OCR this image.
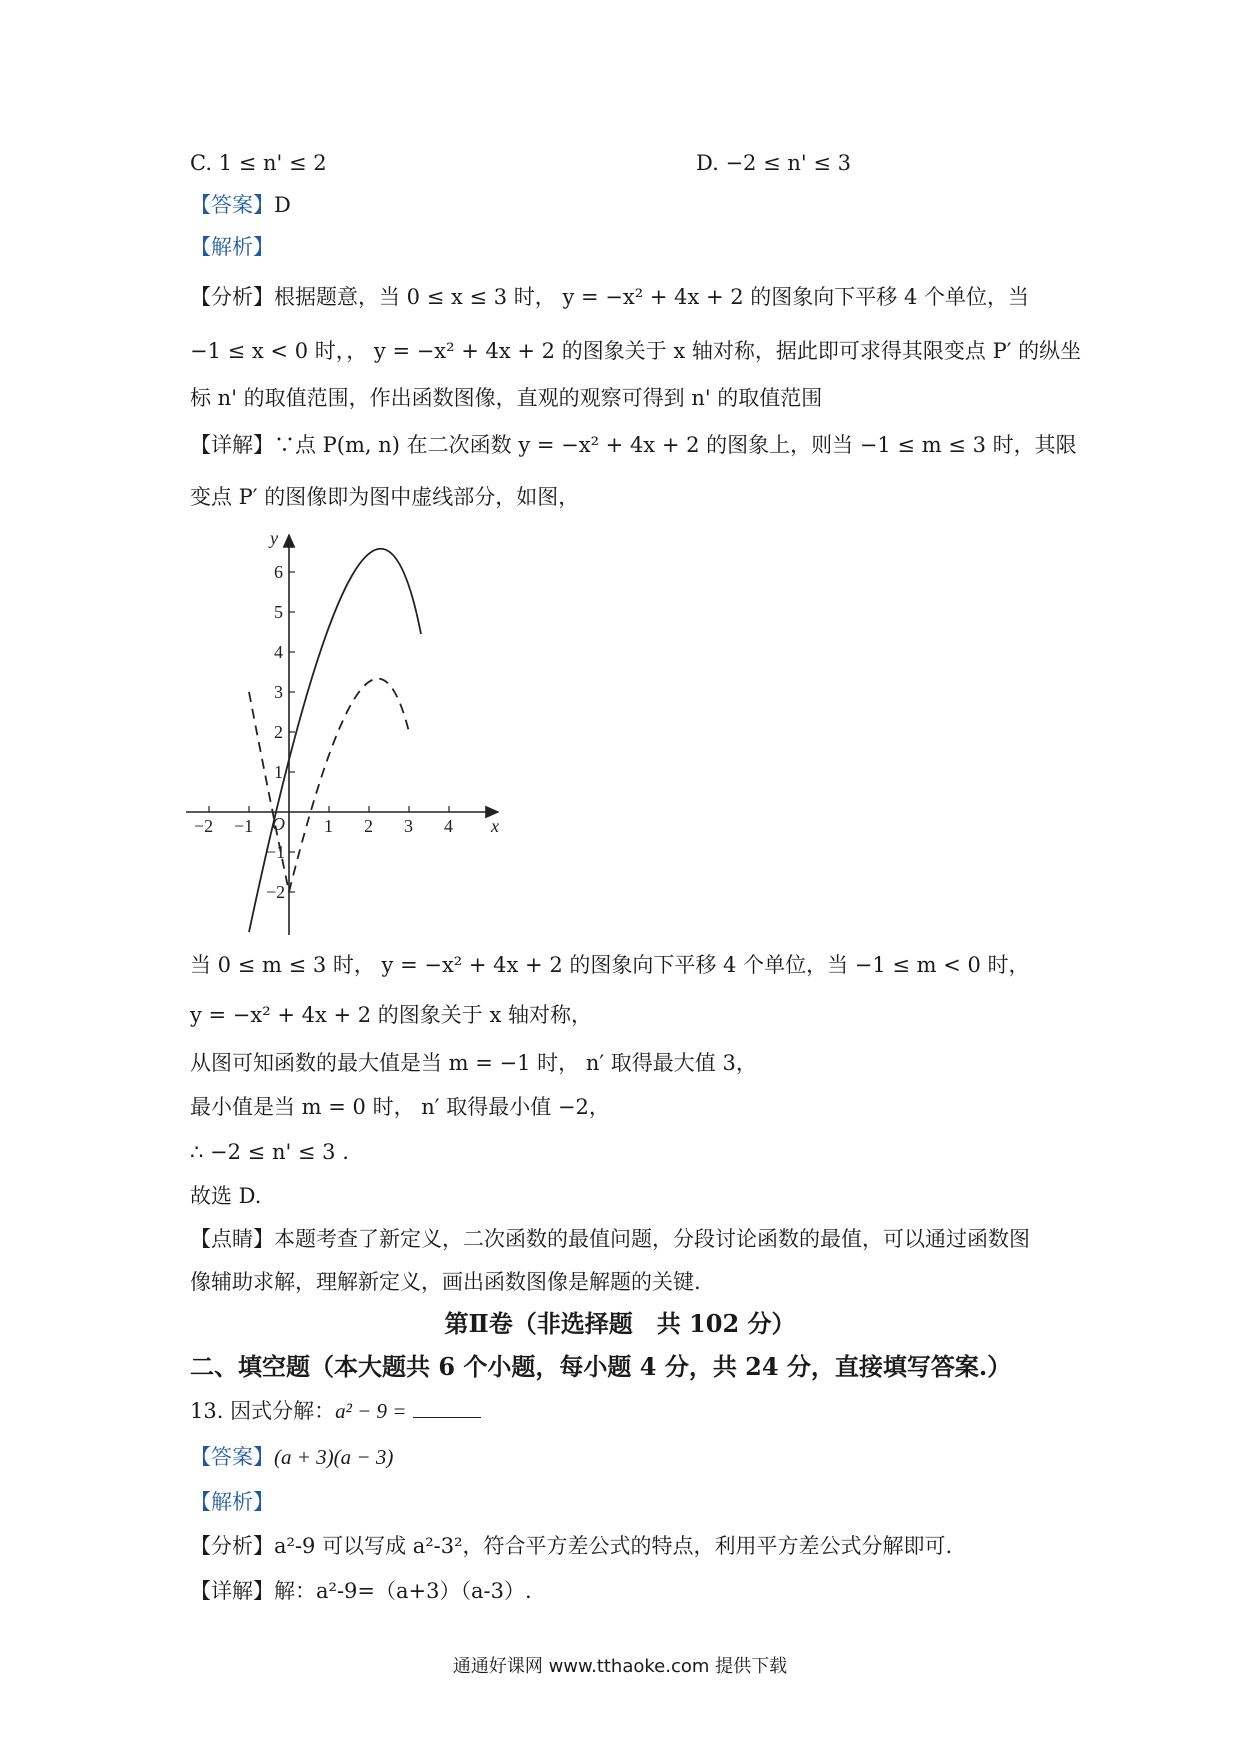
C. 1 ≤ n' ≤ 2	D. −2 ≤ n' ≤ 3
【答案】D
【解析】
【分析】根据题意，当 0 ≤ x ≤ 3 时， y = −x² + 4x + 2 的图象向下平移 4 个单位，当
−1 ≤ x < 0 时，， y = −x² + 4x + 2 的图象关于 x 轴对称，据此即可求得其限变点 P′ 的纵坐
标 n' 的取值范围，作出函数图像，直观的观察可得到 n' 的取值范围
【详解】∵点 P(m, n) 在二次函数 y = −x² + 4x + 2 的图象上，则当 −1 ≤ m ≤ 3 时，其限
变点 P′ 的图像即为图中虚线部分，如图，
y
x
O
−2 −1	1 2 3 4
6
5
4
3
2
1
−1
−2
当 0 ≤ m ≤ 3 时， y = −x² + 4x + 2 的图象向下平移 4 个单位，当 −1 ≤ m < 0 时，
y = −x² + 4x + 2 的图象关于 x 轴对称，
从图可知函数的最大值是当 m = −1 时， n′ 取得最大值 3，
最小值是当 m = 0 时， n′ 取得最小值 −2，
∴ −2 ≤ n' ≤ 3 .
故选 D.
【点睛】本题考查了新定义，二次函数的最值问题，分段讨论函数的最值，可以通过函数图
像辅助求解，理解新定义，画出函数图像是解题的关键.
第Ⅱ卷（非选择题　共 102 分）
二、填空题（本大题共 6 个小题，每小题 4 分，共 24 分，直接填写答案.）
13. 因式分解：a² − 9 =
【答案】(a + 3)(a − 3)
【解析】
【分析】a²-9 可以写成 a²-3²，符合平方差公式的特点，利用平方差公式分解即可.
【详解】解：a²-9=（a+3）（a-3）.
通通好课网 www.tthaoke.com 提供下载
